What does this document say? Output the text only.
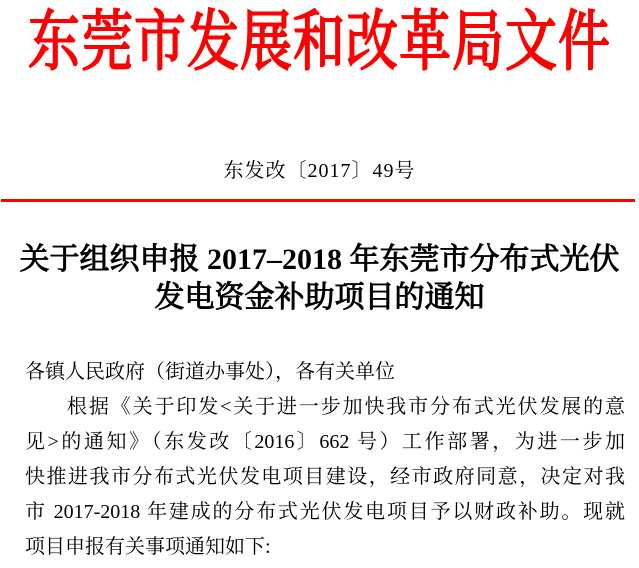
东莞市发展和改革局文件
东发改〔2017〕49号
关于组织申报 2017–2018 年东莞市分布式光伏
发电资金补助项目的通知
各镇人民政府（街道办事处），各有关单位
根据《关于印发<关于进一步加快我市分布式光伏发展的意
见>的通知》（东发改〔2016〕662 号）工作部署，为进一步加
快推进我市分布式光伏发电项目建设，经市政府同意，决定对我
市 2017-2018 年建成的分布式光伏发电项目予以财政补助。现就
项目申报有关事项通知如下:
